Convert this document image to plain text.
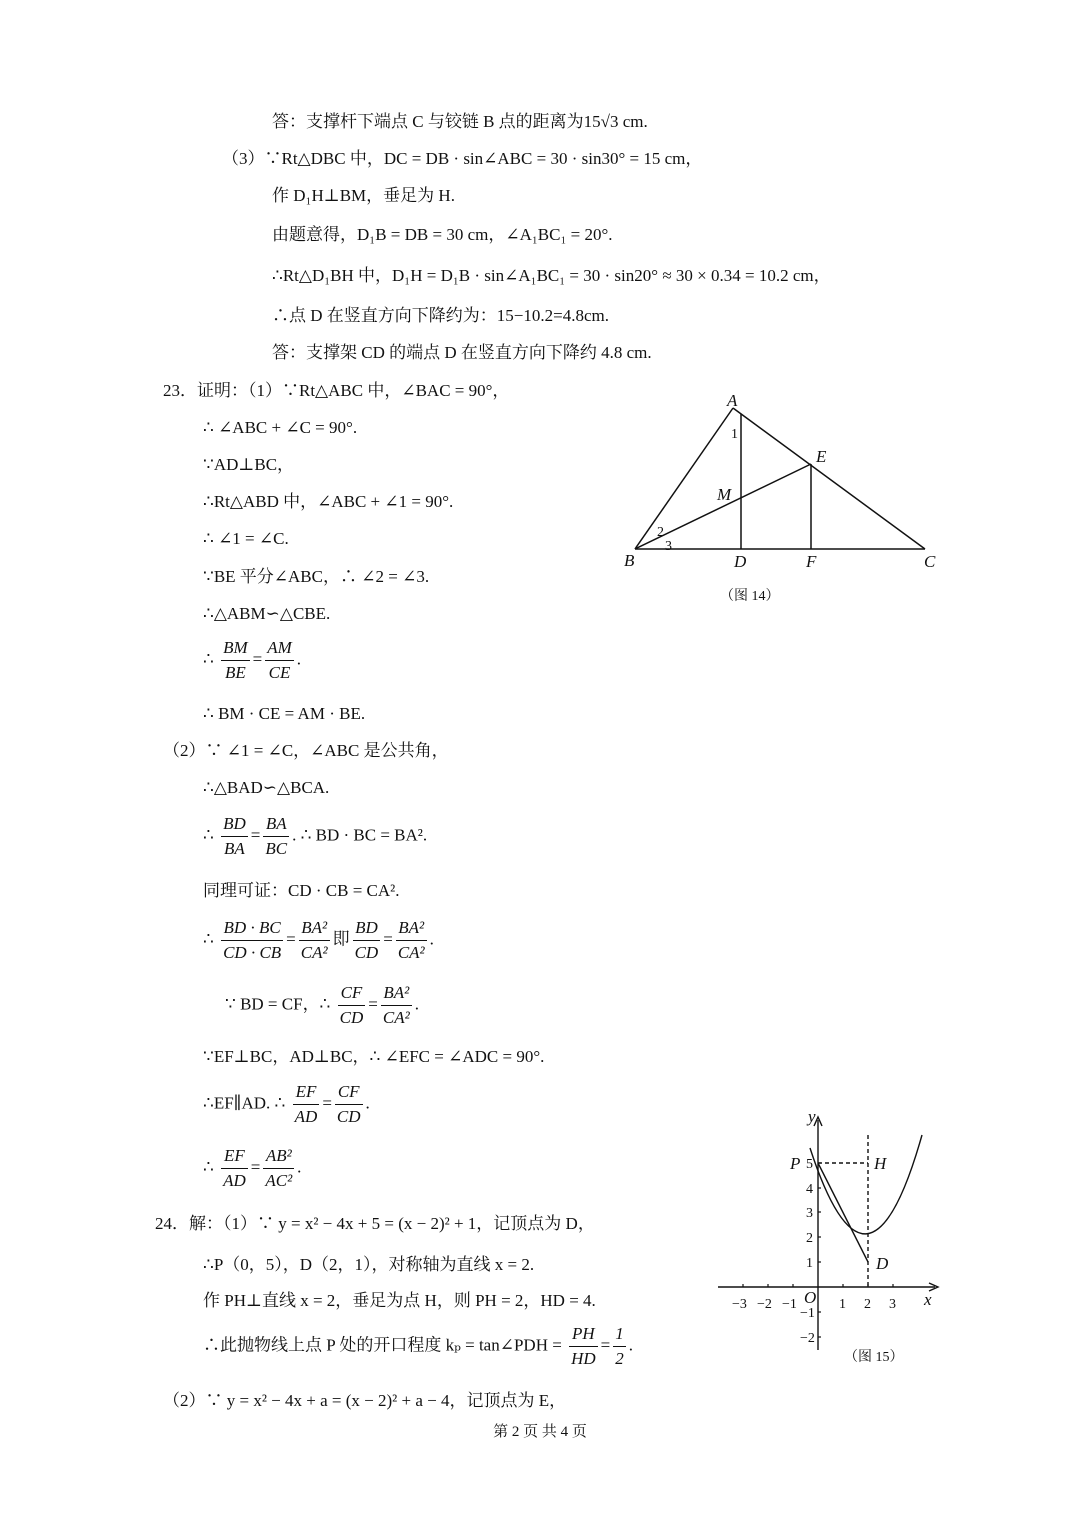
答：支撑杆下端点 C 与铰链 B 点的距离为15√3 cm.
（3）∵Rt△DBC 中，DC = DB · sin∠ABC = 30 · sin30° = 15 cm，
作 D₁H⊥BM，垂足为 H.
由题意得，D₁B = DB = 30 cm，∠A₁BC₁ = 20°.
∴Rt△D₁BH 中，D₁H = D₁B · sin∠A₁BC₁ = 30 · sin20° ≈ 30 × 0.34 = 10.2 cm，
∴点 D 在竖直方向下降约为：15−10.2=4.8cm.
答：支撑架 CD 的端点 D 在竖直方向下降约 4.8 cm.
23．证明：（1）∵Rt△ABC 中，∠BAC = 90°，
∴ ∠ABC + ∠C = 90°.
∵AD⊥BC，
∴Rt△ABD 中，∠ABC + ∠1 = 90°.
∴ ∠1 = ∠C.
∵BE 平分∠ABC，∴ ∠2 = ∠3.
∴△ABM∽△CBE.
∴ $\frac{BM}{BE} = \frac{AM}{CE}$ .
∴ BM · CE = AM · BE.
（2）∵ ∠1 = ∠C，∠ABC 是公共角，
∴△BAD∽△BCA.
∴ $\frac{BD}{BA} = \frac{BA}{BC}$ . ∴ BD · BC = BA².
同理可证：CD · CB = CA².
∴ $\frac{BD \cdot BC}{CD \cdot CB} = \frac{\text{BA²}}{\text{CA²}}$ 即 $\frac{BD}{CD} = \frac{\text{BA²}}{\text{CA²}}$ .
∵ BD = CF，∴ $\frac{CF}{CD} = \frac{\text{BA²}}{\text{CA²}}$ .
∵EF⊥BC，AD⊥BC，∴ ∠EFC = ∠ADC = 90°.
∴EF∥AD. ∴ $\frac{EF}{AD} = \frac{CF}{CD}$ .
∴ $\frac{EF}{AD} = \frac{\text{AB²}}{\text{AC²}}$ .
24．解：（1）∵ y = x² − 4x + 5 = (x − 2)² + 1，记顶点为 D，
∴P（0，5），D（2，1），对称轴为直线 x = 2.
作 PH⊥直线 x = 2，垂足为点 H，则 PH = 2，HD = 4.
∴此抛物线上点 P 处的开口程度 kₚ = tan∠PDH = $\frac{PH}{HD} = \frac{1}{2}$ .
（2）∵ y = x² − 4x + a = (x − 2)² + a − 4，记顶点为 E，
A
B	C
D
E
F
M
1
2
3
（图 14）
y
x
O
P	H
D
−3 −2 −1	1 2 3
5
4
3
2
1
−1
−2
（图 15）
第 2 页 共 4 页
